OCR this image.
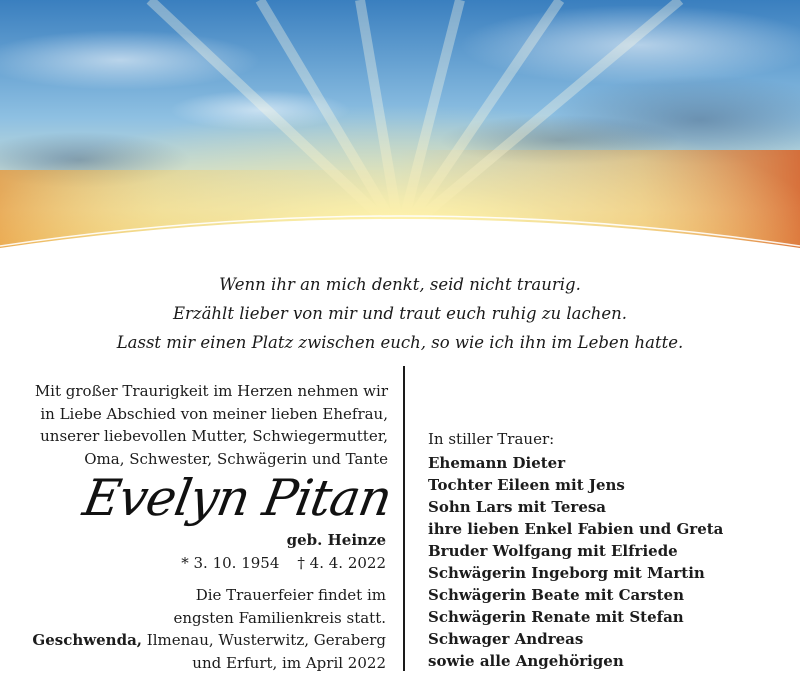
Wenn ihr an mich denkt, seid nicht traurig.
Erzählt lieber von mir und traut euch ruhig zu lachen.
Lasst mir einen Platz zwischen euch, so wie ich ihn im Leben hatte.
Mit großer Traurigkeit im Herzen nehmen wir
in Liebe Abschied von meiner lieben Ehefrau,
unserer liebevollen Mutter, Schwiegermutter,
Oma, Schwester, Schwägerin und Tante
Evelyn Pitan
geb. Heinze
* 3. 10. 1954 † 4. 4. 2022
Die Trauerfeier findet im
engsten Familienkreis statt.
Geschwenda, Ilmenau, Wusterwitz, Geraberg
und Erfurt, im April 2022
In stiller Trauer:
Ehemann Dieter
Tochter Eileen mit Jens
Sohn Lars mit Teresa
ihre lieben Enkel Fabien und Greta
Bruder Wolfgang mit Elfriede
Schwägerin Ingeborg mit Martin
Schwägerin Beate mit Carsten
Schwägerin Renate mit Stefan
Schwager Andreas
sowie alle Angehörigen
